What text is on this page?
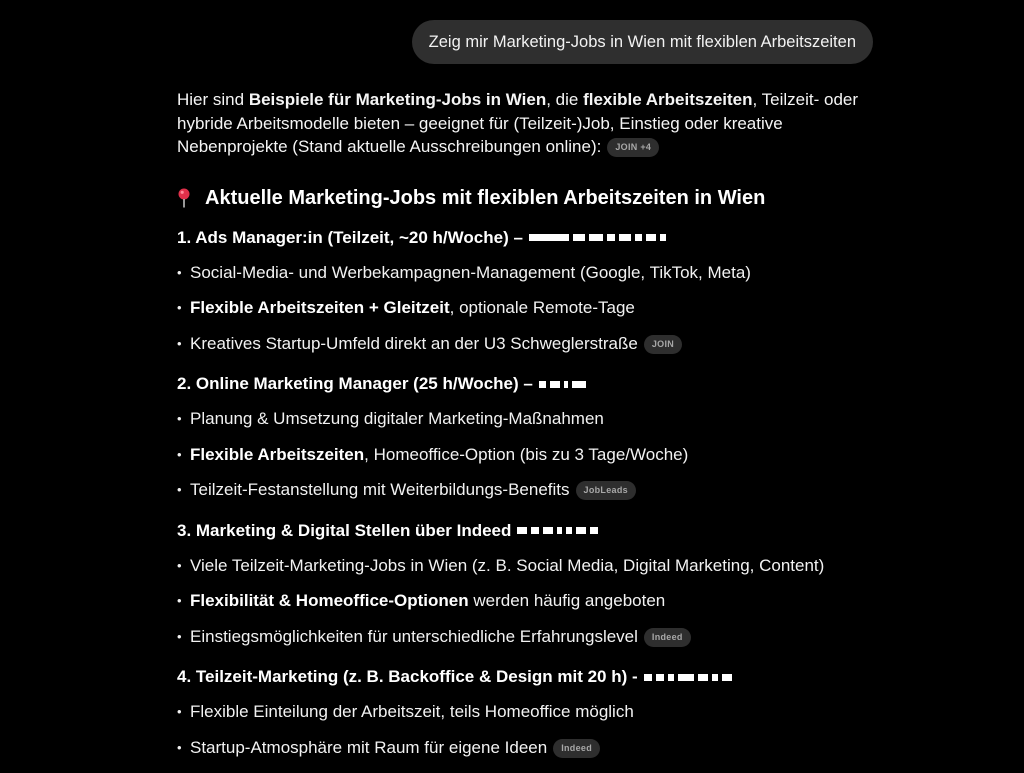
Zeig mir Marketing-Jobs in Wien mit flexiblen Arbeitszeiten

Hier sind Beispiele für Marketing-Jobs in Wien, die flexible Arbeitszeiten, Teilzeit- oder hybride Arbeitsmodelle bieten – geeignet für (Teilzeit-)Job, Einstieg oder kreative Nebenprojekte (Stand aktuelle Ausschreibungen online): JOIN +4

Aktuelle Marketing-Jobs mit flexiblen Arbeitszeiten in Wien
1. Ads Manager:in (Teilzeit, ~20 h/Woche) –
• Social-Media- und Werbekampagnen-Management (Google, TikTok, Meta)
• Flexible Arbeitszeiten + Gleitzeit, optionale Remote-Tage
• Kreatives Startup-Umfeld direkt an der U3 Schweglerstraße JOIN
2. Online Marketing Manager (25 h/Woche) –
• Planung & Umsetzung digitaler Marketing-Maßnahmen
• Flexible Arbeitszeiten, Homeoffice-Option (bis zu 3 Tage/Woche)
• Teilzeit-Festanstellung mit Weiterbildungs-Benefits JobLeads
3. Marketing & Digital Stellen über Indeed
• Viele Teilzeit-Marketing-Jobs in Wien (z. B. Social Media, Digital Marketing, Content)
• Flexibilität & Homeoffice-Optionen werden häufig angeboten
• Einstiegsmöglichkeiten für unterschiedliche Erfahrungslevel Indeed
4. Teilzeit-Marketing (z. B. Backoffice & Design mit 20 h) -
• Flexible Einteilung der Arbeitszeit, teils Homeoffice möglich
• Startup-Atmosphäre mit Raum für eigene Ideen Indeed
